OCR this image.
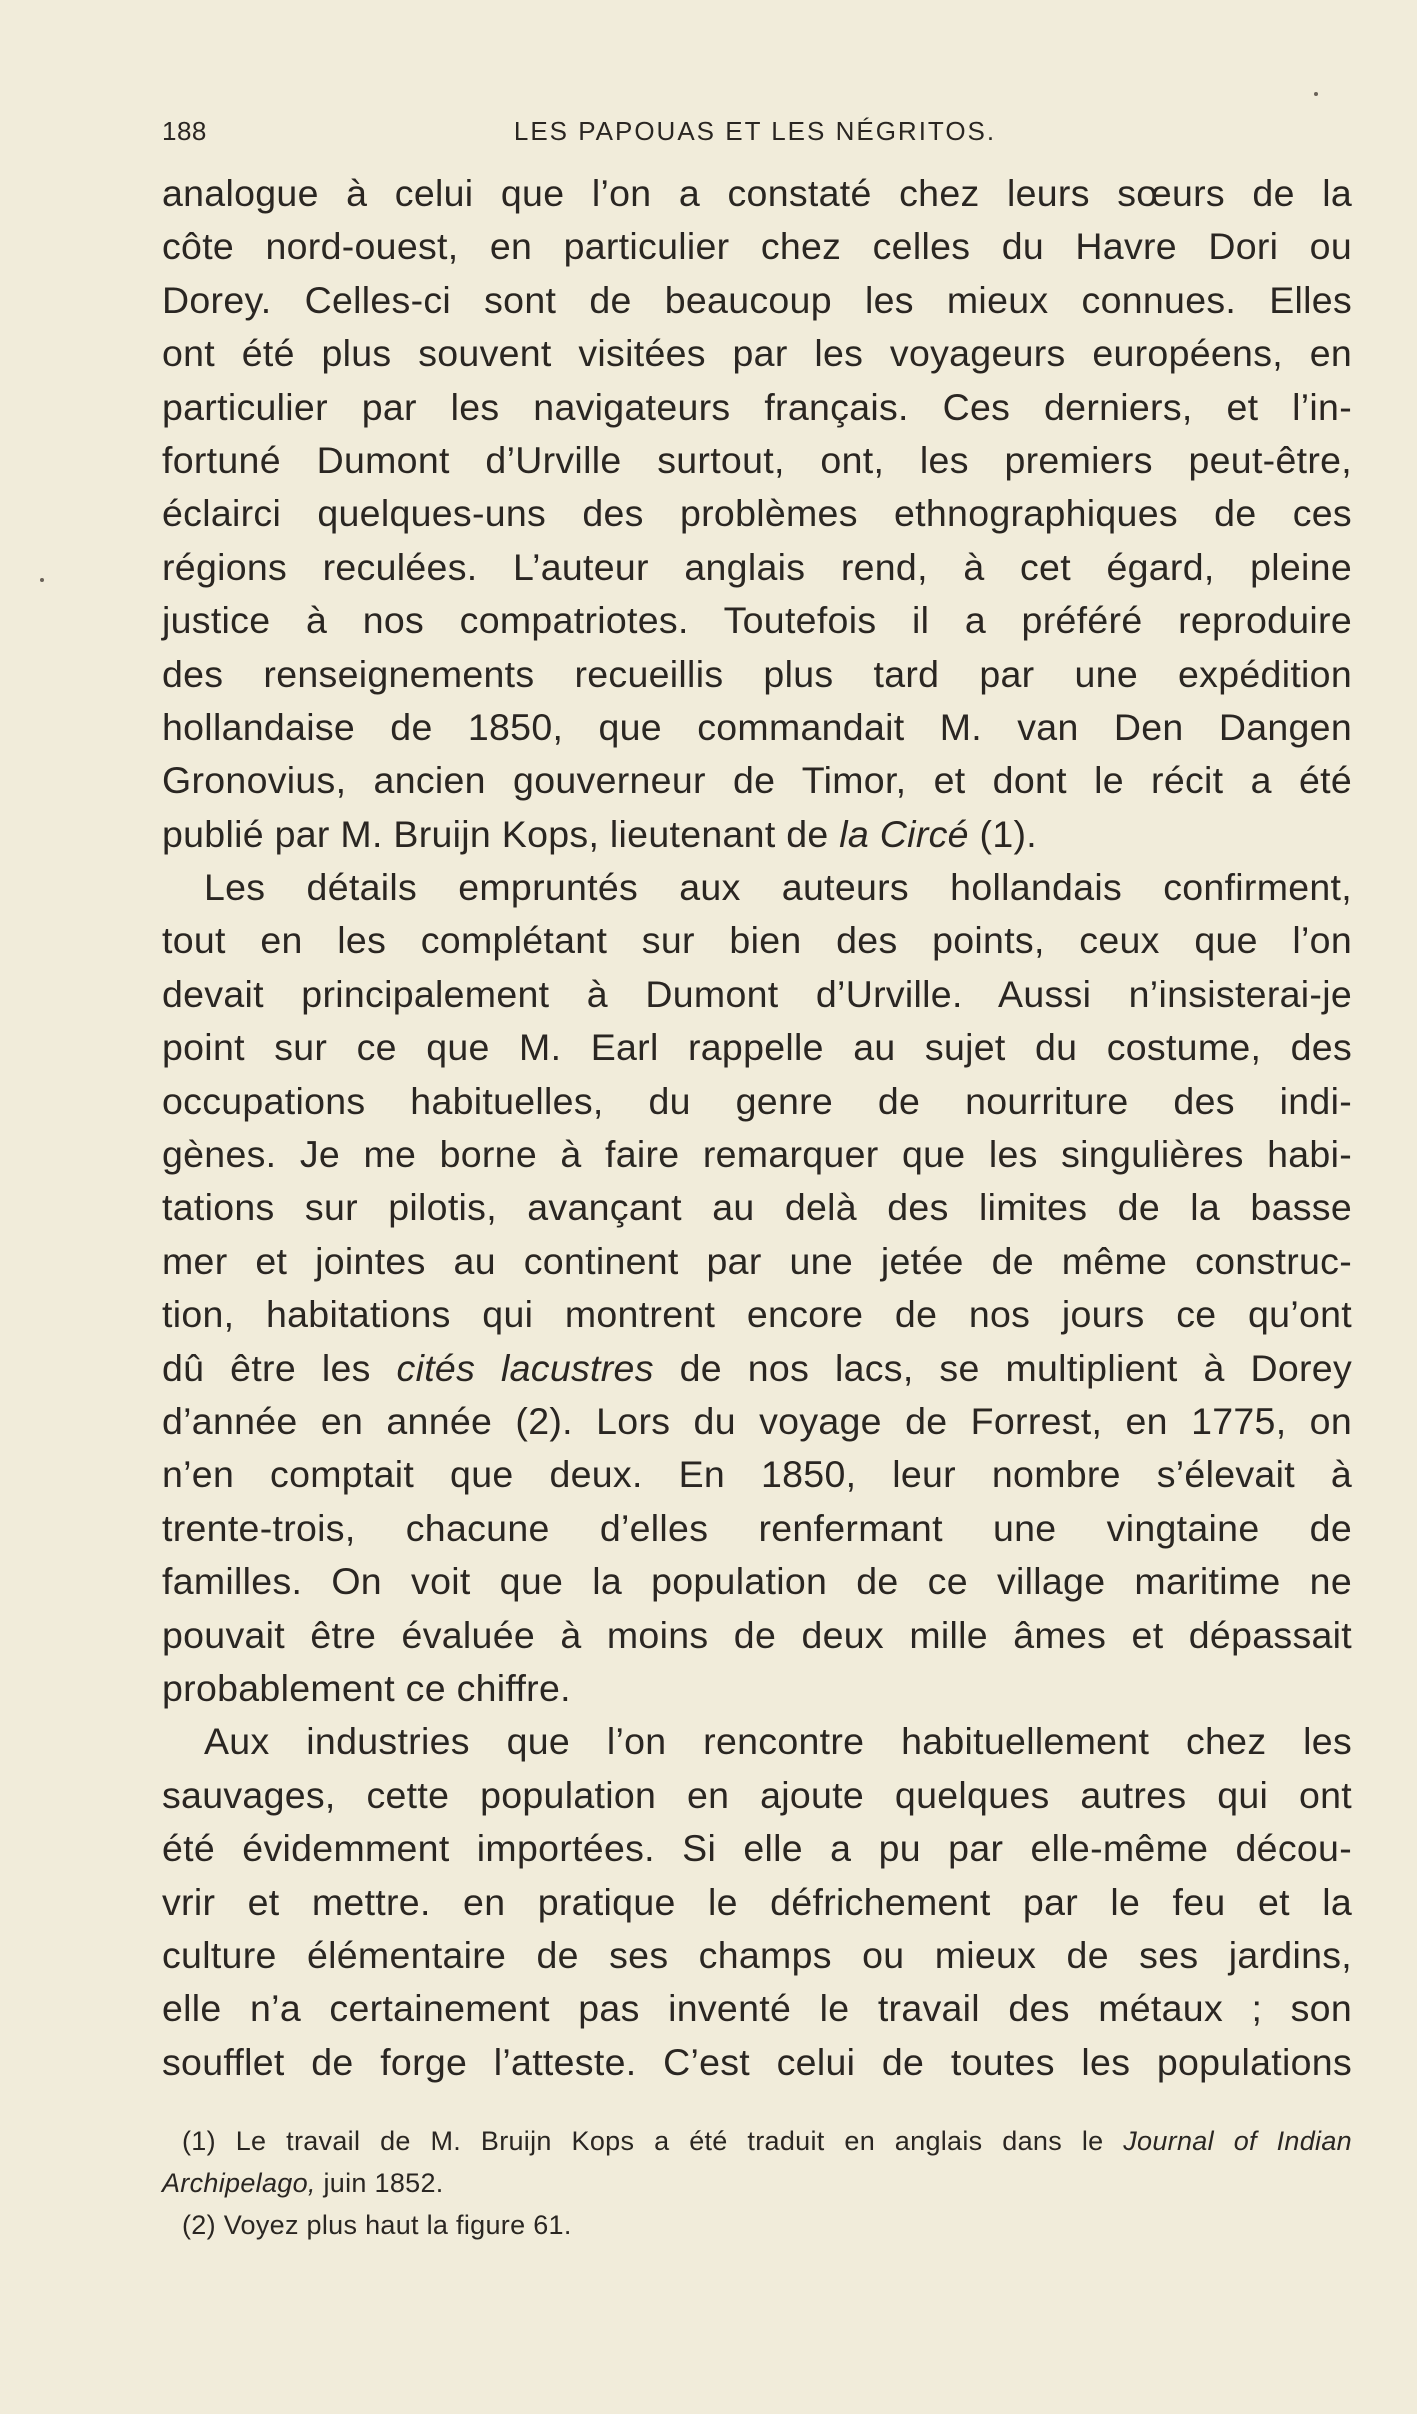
188	LES PAPOUAS ET LES NÉGRITOS.
analogue à celui que l’on a constaté chez leurs sœurs de la
côte nord-ouest, en particulier chez celles du Havre Dori ou
Dorey. Celles-ci sont de beaucoup les mieux connues. Elles
ont été plus souvent visitées par les voyageurs européens, en
particulier par les navigateurs français. Ces derniers, et l’in-
fortuné Dumont d’Urville surtout, ont, les premiers peut-être,
éclairci quelques-uns des problèmes ethnographiques de ces
régions reculées. L’auteur anglais rend, à cet égard, pleine
justice à nos compatriotes. Toutefois il a préféré reproduire
des renseignements recueillis plus tard par une expédition
hollandaise de 1850, que commandait M. van Den Dangen
Gronovius, ancien gouverneur de Timor, et dont le récit a été
publié par M. Bruijn Kops, lieutenant de la Circé (1).
Les détails empruntés aux auteurs hollandais confirment,
tout en les complétant sur bien des points, ceux que l’on
devait principalement à Dumont d’Urville. Aussi n’insisterai-je
point sur ce que M. Earl rappelle au sujet du costume, des
occupations habituelles, du genre de nourriture des indi-
gènes. Je me borne à faire remarquer que les singulières habi-
tations sur pilotis, avançant au delà des limites de la basse
mer et jointes au continent par une jetée de même construc-
tion, habitations qui montrent encore de nos jours ce qu’ont
dû être les cités lacustres de nos lacs, se multiplient à Dorey
d’année en année (2). Lors du voyage de Forrest, en 1775, on
n’en comptait que deux. En 1850, leur nombre s’élevait à
trente-trois, chacune d’elles renfermant une vingtaine de
familles. On voit que la population de ce village maritime ne
pouvait être évaluée à moins de deux mille âmes et dépassait
probablement ce chiffre.
Aux industries que l’on rencontre habituellement chez les
sauvages, cette population en ajoute quelques autres qui ont
été évidemment importées. Si elle a pu par elle-même décou-
vrir et mettre. en pratique le défrichement par le feu et la
culture élémentaire de ses champs ou mieux de ses jardins,
elle n’a certainement pas inventé le travail des métaux ; son
soufflet de forge l’atteste. C’est celui de toutes les populations
(1) Le travail de M. Bruijn Kops a été traduit en anglais dans le Journal of Indian
Archipelago, juin 1852.
(2) Voyez plus haut la figure 61.
